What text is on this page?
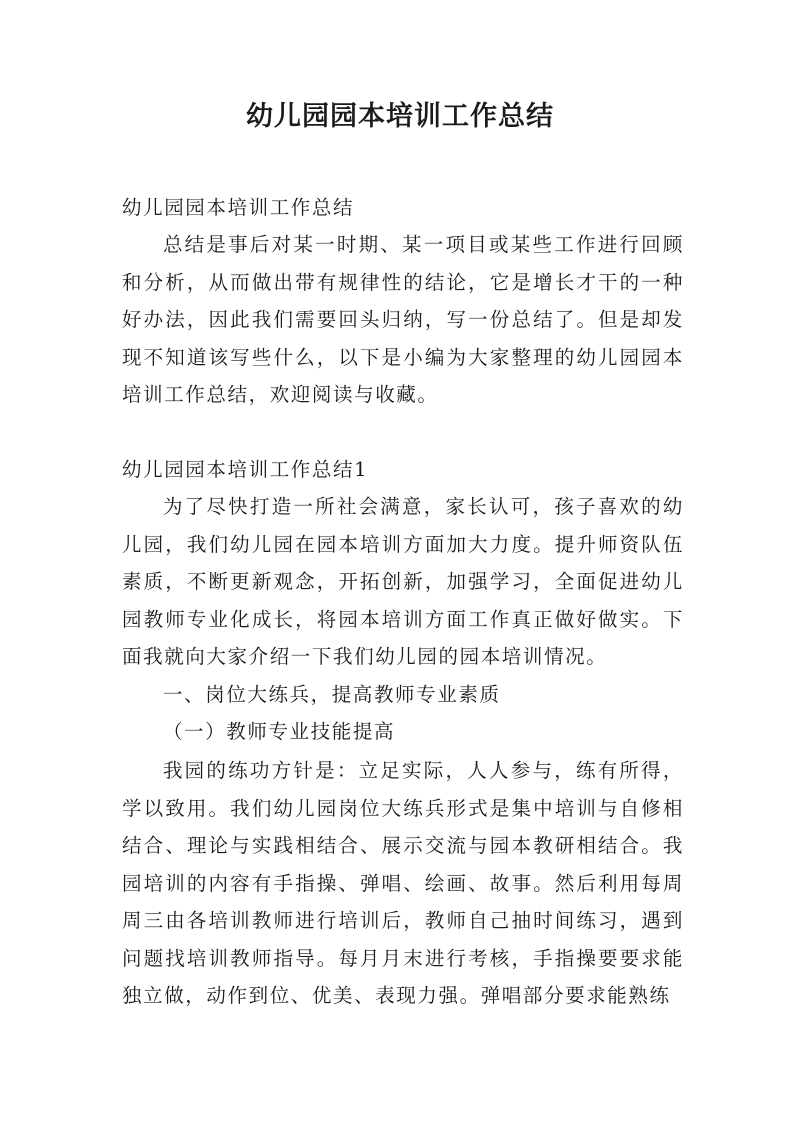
幼儿园园本培训工作总结

幼儿园园本培训工作总结

总结是事后对某一时期、某一项目或某些工作进行回顾和分析，从而做出带有规律性的结论，它是增长才干的一种好办法，因此我们需要回头归纳，写一份总结了。但是却发现不知道该写些什么，以下是小编为大家整理的幼儿园园本培训工作总结，欢迎阅读与收藏。

幼儿园园本培训工作总结1

为了尽快打造一所社会满意，家长认可，孩子喜欢的幼儿园，我们幼儿园在园本培训方面加大力度。提升师资队伍素质，不断更新观念，开拓创新，加强学习，全面促进幼儿园教师专业化成长，将园本培训方面工作真正做好做实。下面我就向大家介绍一下我们幼儿园的园本培训情况。

一、岗位大练兵，提高教师专业素质

（一）教师专业技能提高

我园的练功方针是：立足实际，人人参与，练有所得，学以致用。我们幼儿园岗位大练兵形式是集中培训与自修相结合、理论与实践相结合、展示交流与园本教研相结合。我园培训的内容有手指操、弹唱、绘画、故事。然后利用每周周三由各培训教师进行培训后，教师自己抽时间练习，遇到问题找培训教师指导。每月月末进行考核，手指操要要求能独立做，动作到位、优美、表现力强。弹唱部分要求能熟练
